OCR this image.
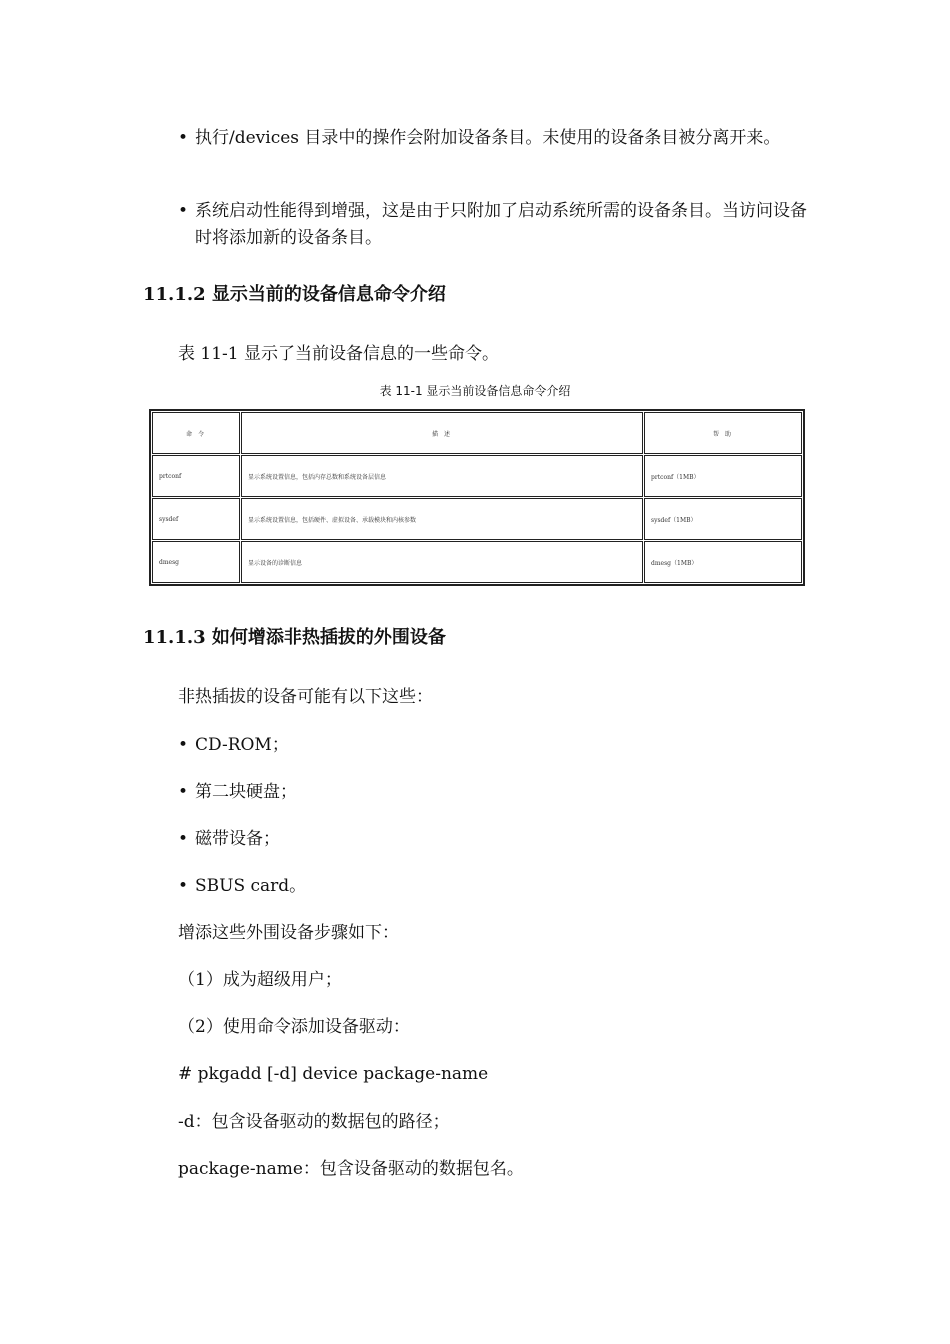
• 执行/devices 目录中的操作会附加设备条目。未使用的设备条目被分离开来。
• 系统启动性能得到增强，这是由于只附加了启动系统所需的设备条目。当访问设备时将添加新的设备条目。
11.1.2 显示当前的设备信息命令介绍
表 11-1 显示了当前设备信息的一些命令。
表 11-1 显示当前设备信息命令介绍
命 令	描 述	帮 助
prtconf	显示系统设置信息，包括内存总数和系统设备层信息	prtconf（1MB）
sysdef	显示系统设置信息，包括硬件、虚拟设备、承载模块和内核参数	sysdef（1MB）
dmesg	显示设备的诊断信息	dmesg（1MB）
11.1.3 如何增添非热插拔的外围设备
非热插拔的设备可能有以下这些：
• CD-ROM；
• 第二块硬盘；
• 磁带设备；
• SBUS card。
增添这些外围设备步骤如下：
（1）成为超级用户；
（2）使用命令添加设备驱动：
# pkgadd [-d] device package-name
-d：包含设备驱动的数据包的路径；
package-name：包含设备驱动的数据包名。
